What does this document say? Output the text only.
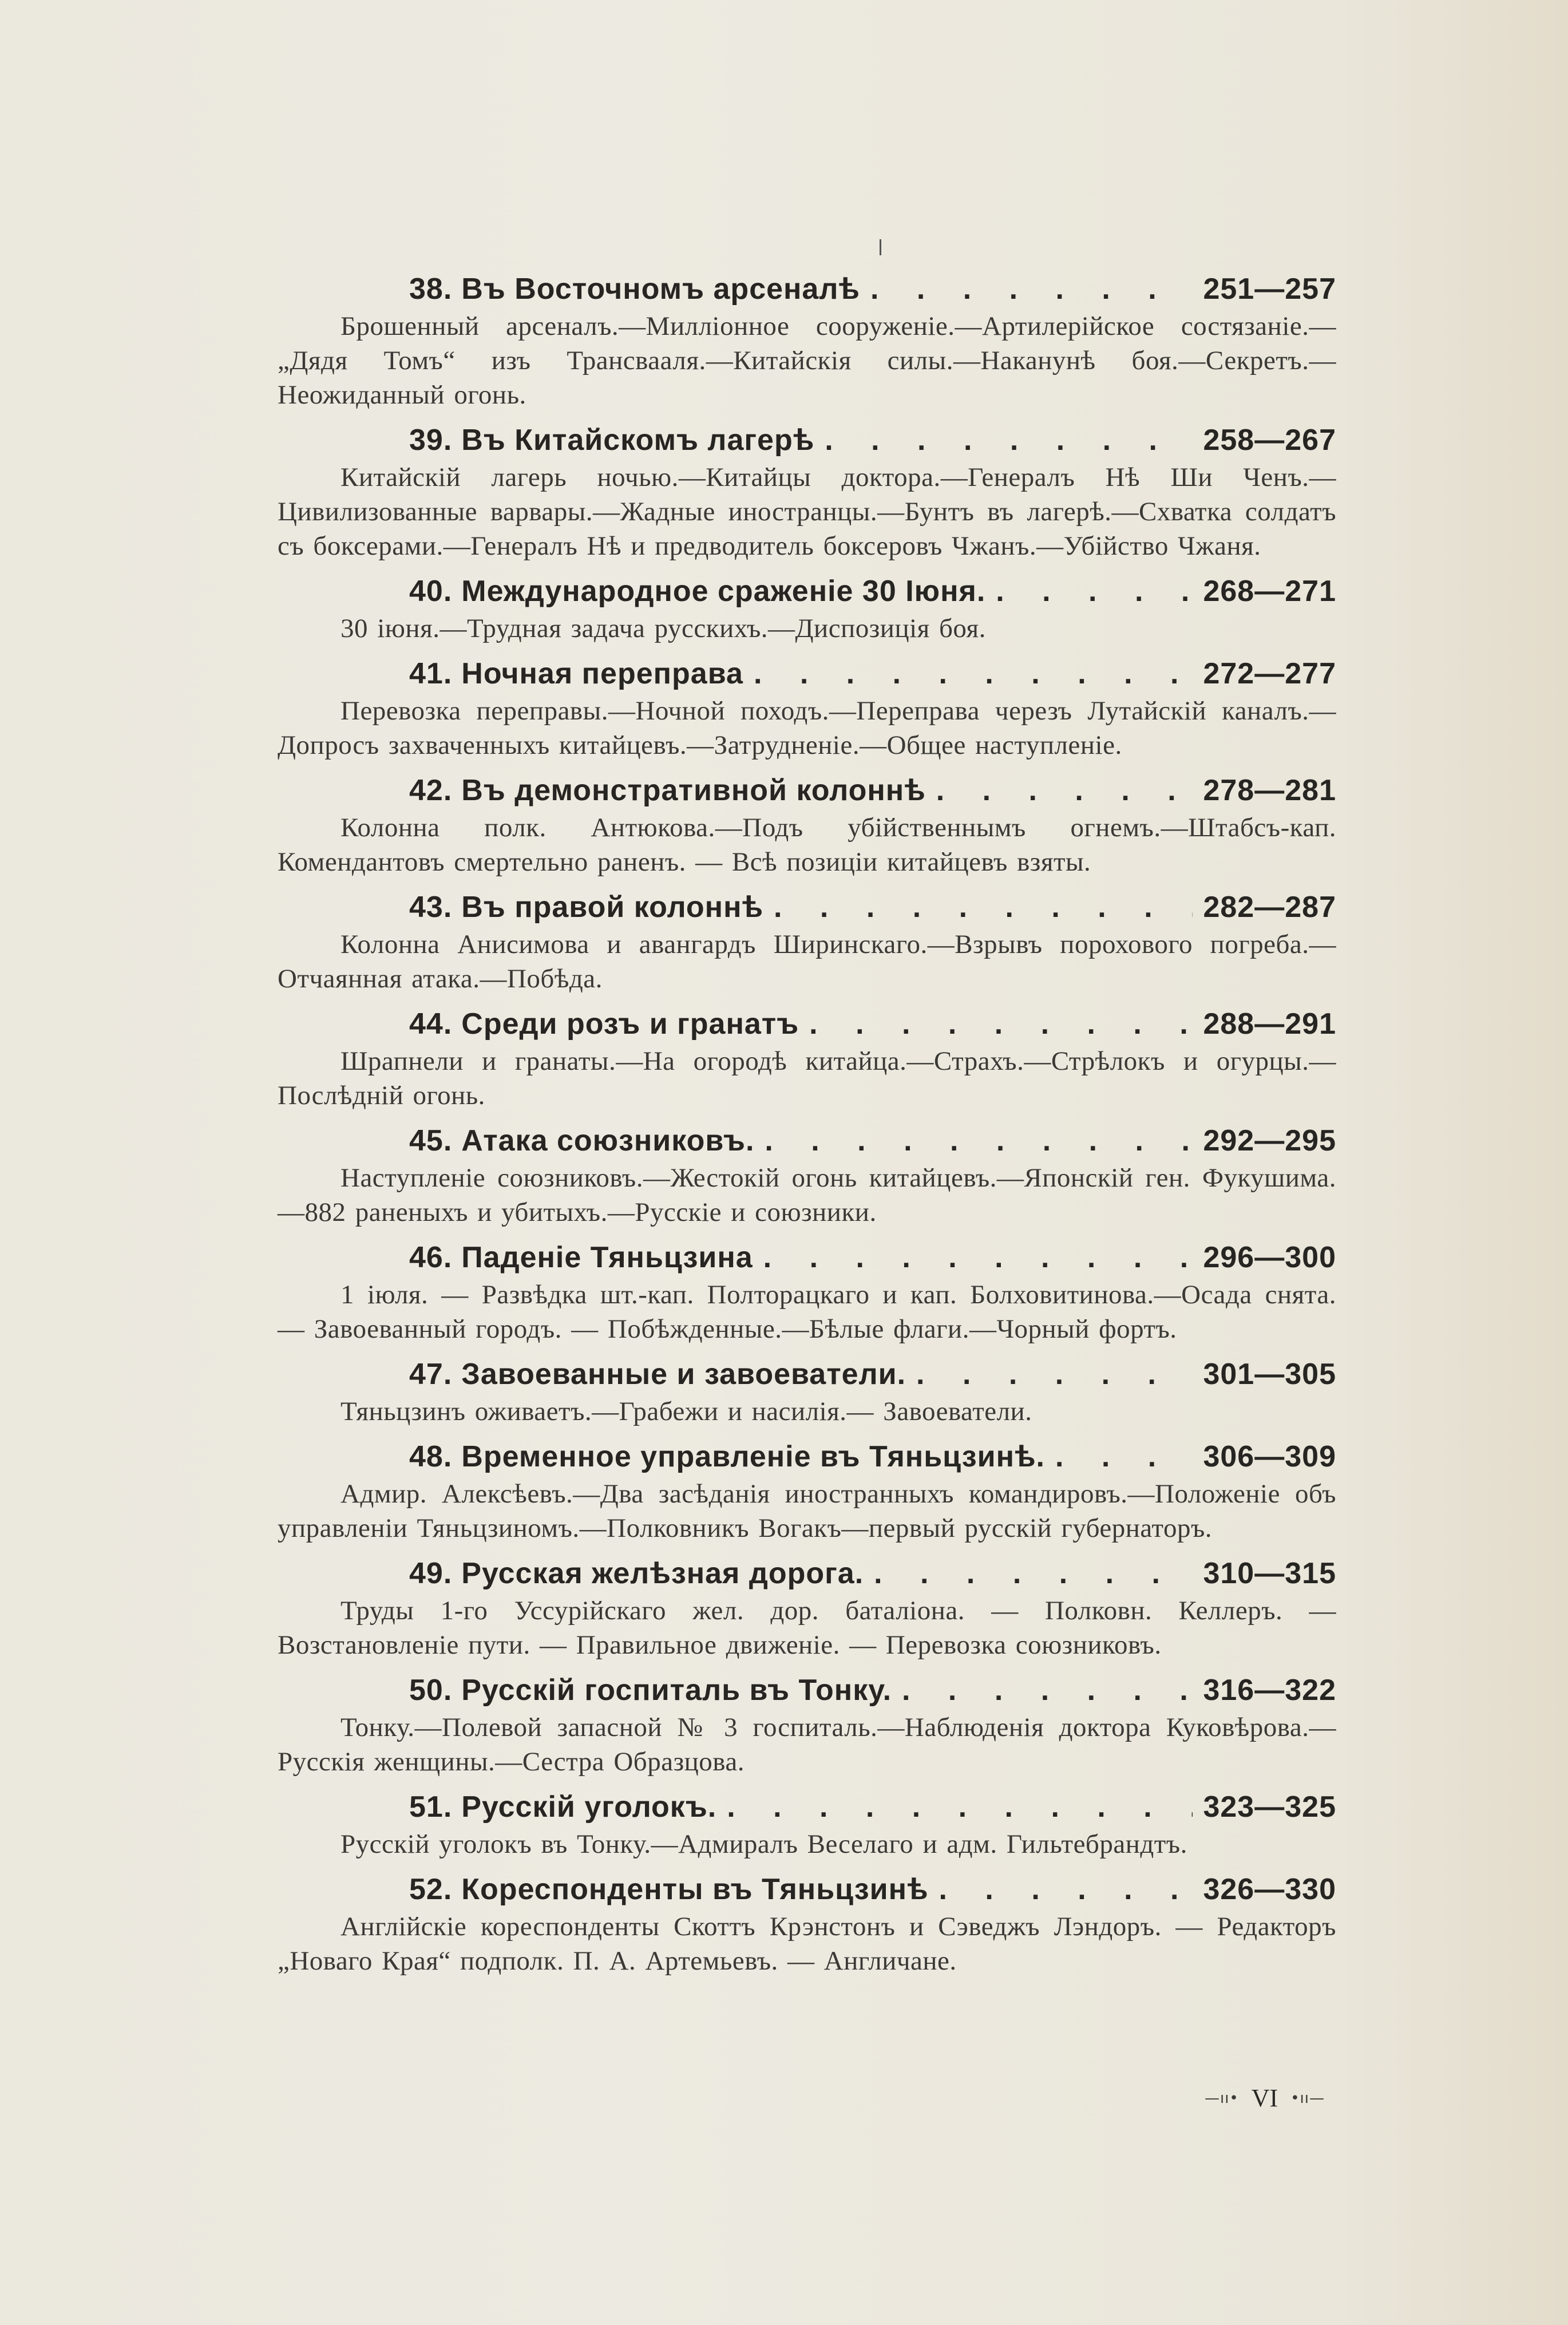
38. Въ Восточномъ арсеналѣ . . .	251—257
Брошенный арсеналъ.—Милліонное сооруженіе.—Артилерійское состязаніе.—„Дядя Томъ“ изъ Трансвааля.—Китайскія силы.—Наканунѣ боя.—Секретъ.—Неожиданный огонь.
39. Въ Китайскомъ лагерѣ . . .	258—267
Китайскій лагерь ночью.—Китайцы доктора.—Генералъ Нѣ Ши Ченъ.—Цивилизованные варвары.—Жадные иностранцы.—Бунтъ въ лагерѣ.—Схватка солдатъ съ боксерами.—Генералъ Нѣ и предводитель боксеровъ Чжанъ.—Убійство Чжаня.
40. Международное сраженіе 30 Іюня. . . .	268—271
30 іюня.—Трудная задача русскихъ.—Диспозиція боя.
41. Ночная переправа . . .	272—277
Перевозка переправы.—Ночной походъ.—Переправа черезъ Лутайскій каналъ.—Допросъ захваченныхъ китайцевъ.—Затрудненіе.—Общее наступленіе.
42. Въ демонстративной колоннѣ . . .	278—281
Колонна полк. Антюкова.—Подъ убійственнымъ огнемъ.—Штабсъ-кап. Комендантовъ смертельно раненъ. — Всѣ позиціи китайцевъ взяты.
43. Въ правой колоннѣ . . .	282—287
Колонна Анисимова и авангардъ Ширинскаго.—Взрывъ порохового погреба.—Отчаянная атака.—Побѣда.
44. Среди розъ и гранатъ . . .	288—291
Шрапнели и гранаты.—На огородѣ китайца.—Страхъ.—Стрѣлокъ и огурцы.—Послѣдній огонь.
45. Атака союзниковъ. . . .	292—295
Наступленіе союзниковъ.—Жестокій огонь китайцевъ.—Японскій ген. Фукушима.—882 раненыхъ и убитыхъ.—Русскіе и союзники.
46. Паденіе Тяньцзина . . .	296—300
1 іюля. — Развѣдка шт.-кап. Полторацкаго и кап. Болховитинова.—Осада снята. — Завоеванный городъ. — Побѣжденные.—Бѣлые флаги.—Чорный фортъ.
47. Завоеванные и завоеватели. . . .	301—305
Тяньцзинъ оживаетъ.—Грабежи и насилія.— Завоеватели.
48. Временное управленіе въ Тяньцзинѣ. . . .	306—309
Адмир. Алексѣевъ.—Два засѣданія иностранныхъ командировъ.—Положеніе объ управленіи Тяньцзиномъ.—Полковникъ Вогакъ—первый русскій губернаторъ.
49. Русская желѣзная дорога. . . .	310—315
Труды 1-го Уссурійскаго жел. дор. баталіона. — Полковн. Келлеръ. — Возстановленіе пути. — Правильное движеніе. — Перевозка союзниковъ.
50. Русскій госпиталь въ Тонку. . . .	316—322
Тонку.—Полевой запасной № 3 госпиталь.—Наблюденія доктора Куковѣрова.—Русскія женщины.—Сестра Образцова.
51. Русскій уголокъ. . . .	323—325
Русскій уголокъ въ Тонку.—Адмиралъ Веселаго и адм. Гильтебрандтъ.
52. Кореспонденты въ Тяньцзинѣ . . .	326—330
Англійскіе кореспонденты Скоттъ Крэнстонъ и Сэведжъ Лэндоръ. — Редакторъ „Новаго Края“ подполк. П. А. Артемьевъ. — Англичане.
—ıı• VI •ıı—
